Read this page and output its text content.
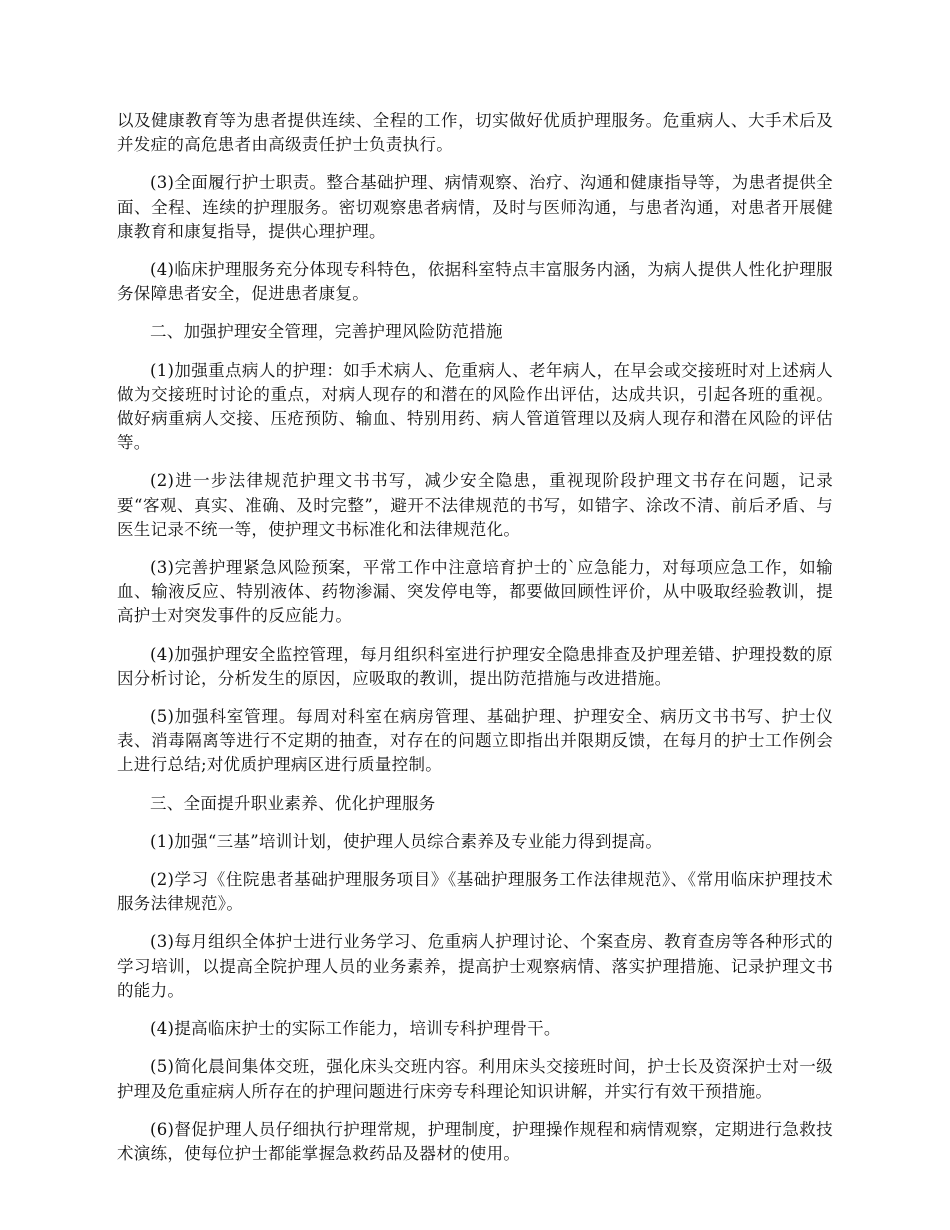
以及健康教育等为患者提供连续、全程的工作，切实做好优质护理服务。危重病人、大手术后及并发症的高危患者由高级责任护士负责执行。

(3)全面履行护士职责。整合基础护理、病情观察、治疗、沟通和健康指导等，为患者提供全面、全程、连续的护理服务。密切观察患者病情，及时与医师沟通，与患者沟通，对患者开展健康教育和康复指导，提供心理护理。

(4)临床护理服务充分体现专科特色，依据科室特点丰富服务内涵，为病人提供人性化护理服务保障患者安全，促进患者康复。

二、加强护理安全管理，完善护理风险防范措施

(1)加强重点病人的护理：如手术病人、危重病人、老年病人，在早会或交接班时对上述病人做为交接班时讨论的重点，对病人现存的和潜在的风险作出评估，达成共识，引起各班的重视。做好病重病人交接、压疮预防、输血、特别用药、病人管道管理以及病人现存和潜在风险的评估等。

(2)进一步法律规范护理文书书写，减少安全隐患，重视现阶段护理文书存在问题，记录要“客观、真实、准确、及时完整”，避开不法律规范的书写，如错字、涂改不清、前后矛盾、与医生记录不统一等，使护理文书标准化和法律规范化。

(3)完善护理紧急风险预案，平常工作中注意培育护士的`应急能力，对每项应急工作，如输血、输液反应、特别液体、药物渗漏、突发停电等，都要做回顾性评价，从中吸取经验教训，提高护士对突发事件的反应能力。

(4)加强护理安全监控管理，每月组织科室进行护理安全隐患排查及护理差错、护理投数的原因分析讨论，分析发生的原因，应吸取的教训，提出防范措施与改进措施。

(5)加强科室管理。每周对科室在病房管理、基础护理、护理安全、病历文书书写、护士仪表、消毒隔离等进行不定期的抽查，对存在的问题立即指出并限期反馈，在每月的护士工作例会上进行总结;对优质护理病区进行质量控制。

三、全面提升职业素养、优化护理服务

(1)加强“三基”培训计划，使护理人员综合素养及专业能力得到提高。

(2)学习《住院患者基础护理服务项目》《基础护理服务工作法律规范》、《常用临床护理技术服务法律规范》。

(3)每月组织全体护士进行业务学习、危重病人护理讨论、个案查房、教育查房等各种形式的学习培训，以提高全院护理人员的业务素养，提高护士观察病情、落实护理措施、记录护理文书的能力。

(4)提高临床护士的实际工作能力，培训专科护理骨干。

(5)简化晨间集体交班，强化床头交班内容。利用床头交接班时间，护士长及资深护士对一级护理及危重症病人所存在的护理问题进行床旁专科理论知识讲解，并实行有效干预措施。

(6)督促护理人员仔细执行护理常规，护理制度，护理操作规程和病情观察，定期进行急救技术演练，使每位护士都能掌握急救药品及器材的使用。
